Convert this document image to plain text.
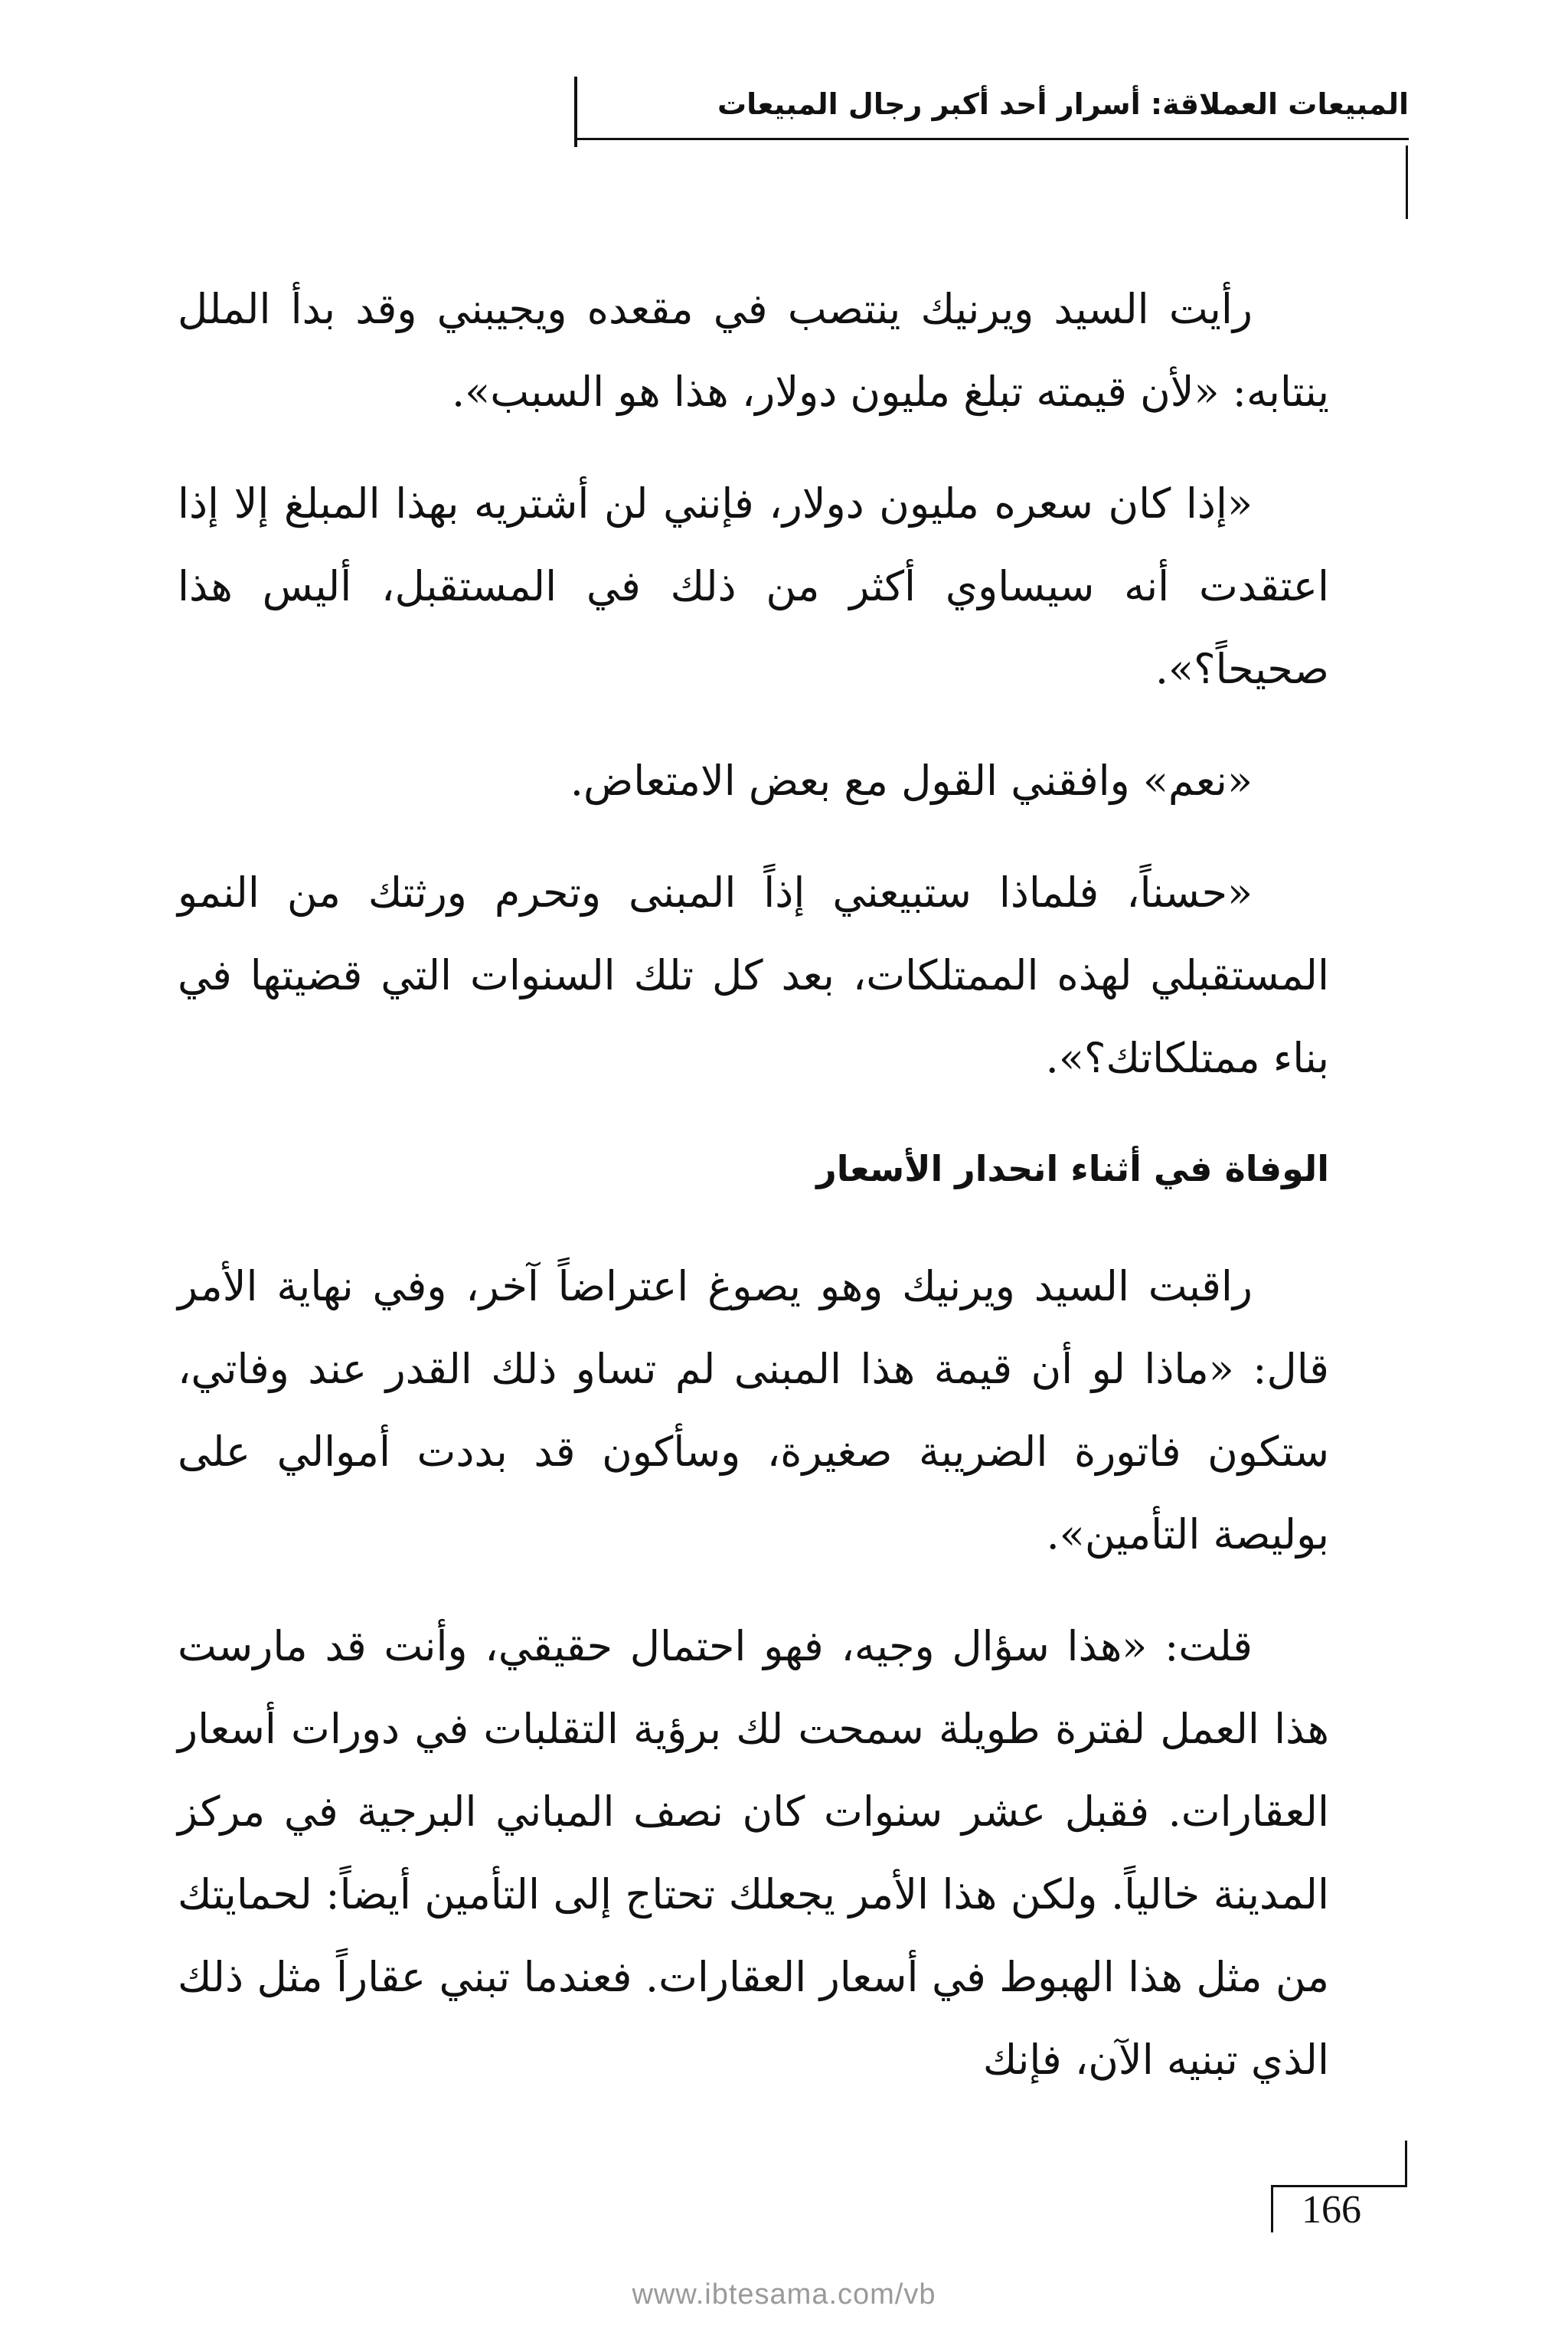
المبيعات العملاقة: أسرار أحد أكبر رجال المبيعات

رأيت السيد ويرنيك ينتصب في مقعده ويجيبني وقد بدأ الملل ينتابه: «لأن قيمته تبلغ مليون دولار، هذا هو السبب».

«إذا كان سعره مليون دولار، فإنني لن أشتريه بهذا المبلغ إلا إذا اعتقدت أنه سيساوي أكثر من ذلك في المستقبل، أليس هذا صحيحاً؟».

«نعم» وافقني القول مع بعض الامتعاض.

«حسناً، فلماذا ستبيعني إذاً المبنى وتحرم ورثتك من النمو المستقبلي لهذه الممتلكات، بعد كل تلك السنوات التي قضيتها في بناء ممتلكاتك؟».

الوفاة في أثناء انحدار الأسعار

راقبت السيد ويرنيك وهو يصوغ اعتراضاً آخر، وفي نهاية الأمر قال: «ماذا لو أن قيمة هذا المبنى لم تساو ذلك القدر عند وفاتي، ستكون فاتورة الضريبة صغيرة، وسأكون قد بددت أموالي على بوليصة التأمين».

قلت: «هذا سؤال وجيه، فهو احتمال حقيقي، وأنت قد مارست هذا العمل لفترة طويلة سمحت لك برؤية التقلبات في دورات أسعار العقارات. فقبل عشر سنوات كان نصف المباني البرجية في مركز المدينة خالياً. ولكن هذا الأمر يجعلك تحتاج إلى التأمين أيضاً: لحمايتك من مثل هذا الهبوط في أسعار العقارات. فعندما تبني عقاراً مثل ذلك الذي تبنيه الآن، فإنك

166
www.ibtesama.com/vb
